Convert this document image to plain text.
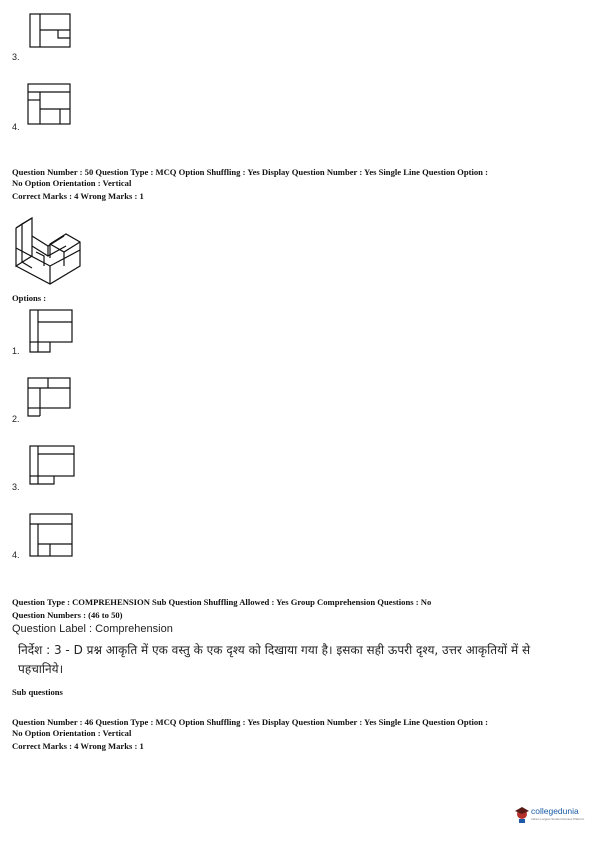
3.
4.
Question Number : 50 Question Type : MCQ Option Shuffling : Yes Display Question Number : Yes Single Line Question Option :
No Option Orientation : Vertical
Correct Marks : 4 Wrong Marks : 1
Options :
1.
2.
3.
4.
Question Type : COMPREHENSION Sub Question Shuffling Allowed : Yes Group Comprehension Questions : No
Question Numbers : (46 to 50)
Question Label : Comprehension
निर्देश : 3 - D प्रश्न आकृति में एक वस्तु के एक दृश्य को दिखाया गया है। इसका सही ऊपरी दृश्य, उत्तर आकृतियों में से
पहचानिये।
Sub questions
Question Number : 46 Question Type : MCQ Option Shuffling : Yes Display Question Number : Yes Single Line Question Option :
No Option Orientation : Vertical
Correct Marks : 4 Wrong Marks : 1
collegedunia
India's Largest Student Review Platform
